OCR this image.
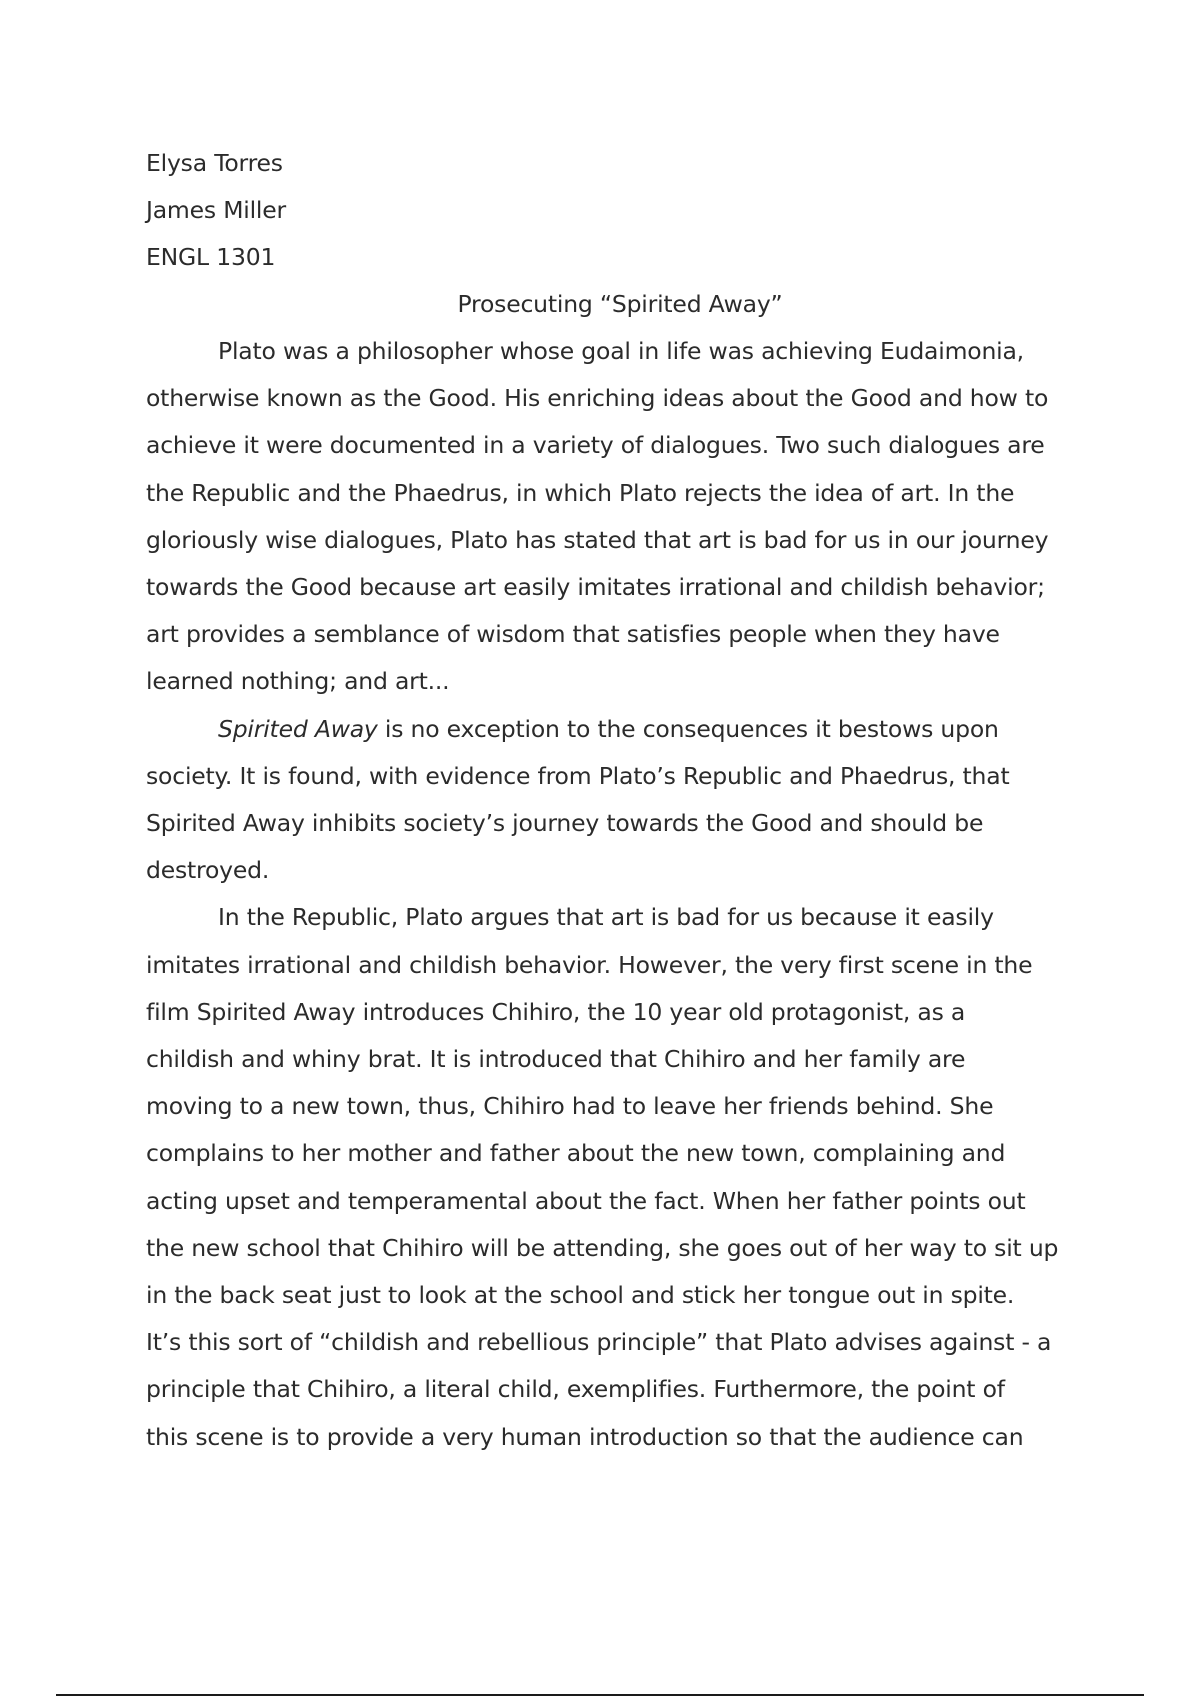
Elysa Torres

James Miller

ENGL 1301

Prosecuting “Spirited Away”

Plato was a philosopher whose goal in life was achieving Eudaimonia,
otherwise known as the Good. His enriching ideas about the Good and how to
achieve it were documented in a variety of dialogues. Two such dialogues are
the Republic and the Phaedrus, in which Plato rejects the idea of art. In the
gloriously wise dialogues, Plato has stated that art is bad for us in our journey
towards the Good because art easily imitates irrational and childish behavior;
art provides a semblance of wisdom that satisfies people when they have
learned nothing; and art...
Spirited Away is no exception to the consequences it bestows upon
society. It is found, with evidence from Plato’s Republic and Phaedrus, that
Spirited Away inhibits society’s journey towards the Good and should be
destroyed.
In the Republic, Plato argues that art is bad for us because it easily
imitates irrational and childish behavior. However, the very first scene in the
film Spirited Away introduces Chihiro, the 10 year old protagonist, as a
childish and whiny brat. It is introduced that Chihiro and her family are
moving to a new town, thus, Chihiro had to leave her friends behind. She
complains to her mother and father about the new town, complaining and
acting upset and temperamental about the fact. When her father points out
the new school that Chihiro will be attending, she goes out of her way to sit up
in the back seat just to look at the school and stick her tongue out in spite.
It’s this sort of “childish and rebellious principle” that Plato advises against - a
principle that Chihiro, a literal child, exemplifies. Furthermore, the point of
this scene is to provide a very human introduction so that the audience can
